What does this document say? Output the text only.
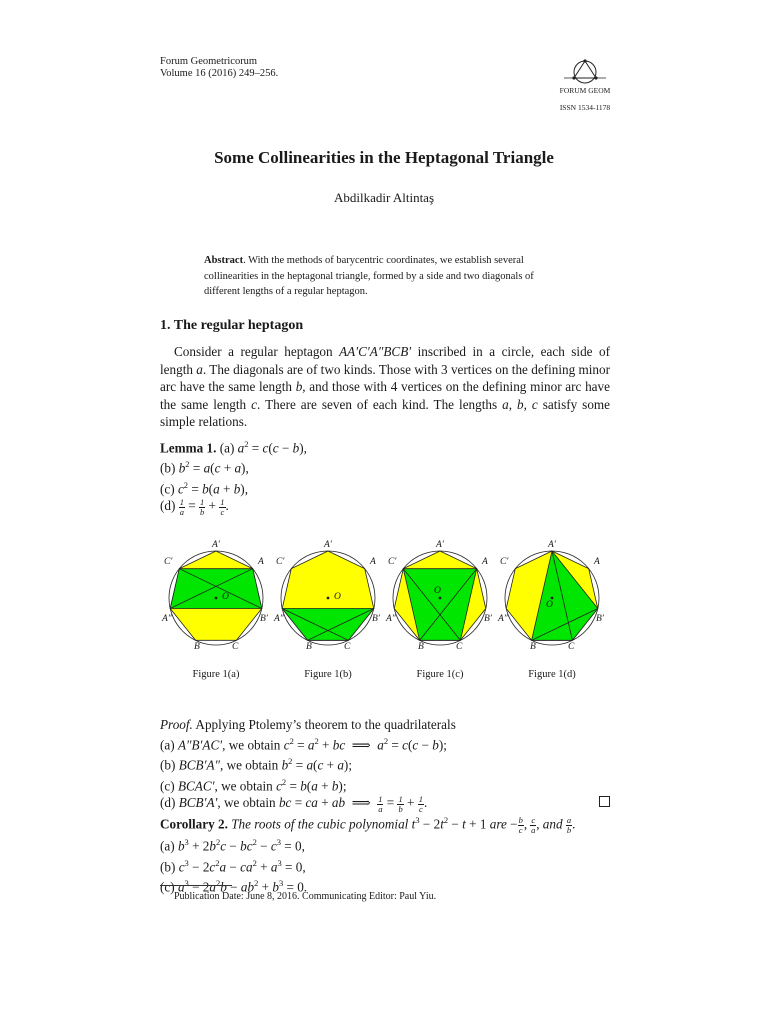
Forum Geometricorum
Volume 16 (2016) 249–256.
FORUM GEOM
ISSN 1534-1178
Some Collinearities in the Heptagonal Triangle
Abdilkadir Altintaş
Abstract. With the methods of barycentric coordinates, we establish several collinearities in the heptagonal triangle, formed by a side and two diagonals of different lengths of a regular heptagon.
1. The regular heptagon
Consider a regular heptagon AA′C′A″BCB′ inscribed in a circle, each side of length a. The diagonals are of two kinds. Those with 3 vertices on the defining minor arc have the same length b, and those with 4 vertices on the defining minor arc have the same length c. There are seven of each kind. The lengths a, b, c satisfy some simple relations.
Lemma 1. (a) $a^2 = c(c - b)$,
(b) $b^2 = a(c + a)$,
(c) $c^2 = b(a + b)$,
$(d) \frac{1}{a} = \frac{1}{b} + \frac{1}{c}$ .
A′
A
B′
C
B
A″
C′
O
A′
A
B′
C
B
A″
C′
O
A′
A
B′
C
B
A″
C′
O
A′
A
B′
C
B
A″
C′
O
Figure 1(a)	Figure 1(b)	Figure 1(c)	Figure 1(d)
Proof. Applying Ptolemy’s theorem to the quadrilaterals
(a) A″B′AC′, we obtain $c^2 = a^2$ + bc  ⟹  $a^2 = c(c - b)$;
(b) BCB′A″, we obtain $b^2 = a(c + a)$;
(c) BCAC′, we obtain $c^2 = b(a + b)$;
(d) BCB′A′, we obtain bc = ca + ab  ⟹ $\frac{1}{a} = \frac{1}{b} + \frac{1}{c}$ .
Corollary 2. The roots of the cubic polynomial $t^3 - 2t^2 - t + 1$ are − $\frac{b}{c}$ , $\frac{c}{a}$ , and $\frac{a}{b}$ .
(a) $b^3 + 2b^2c - bc^2 - c^3 = 0$,
(b) $c^3 - 2c^2a - ca^2 + a^3 = 0$,
(c) $a^3 - 2a^2b - ab^2 + b^3 = 0$.
Publication Date: June 8, 2016. Communicating Editor: Paul Yiu.
